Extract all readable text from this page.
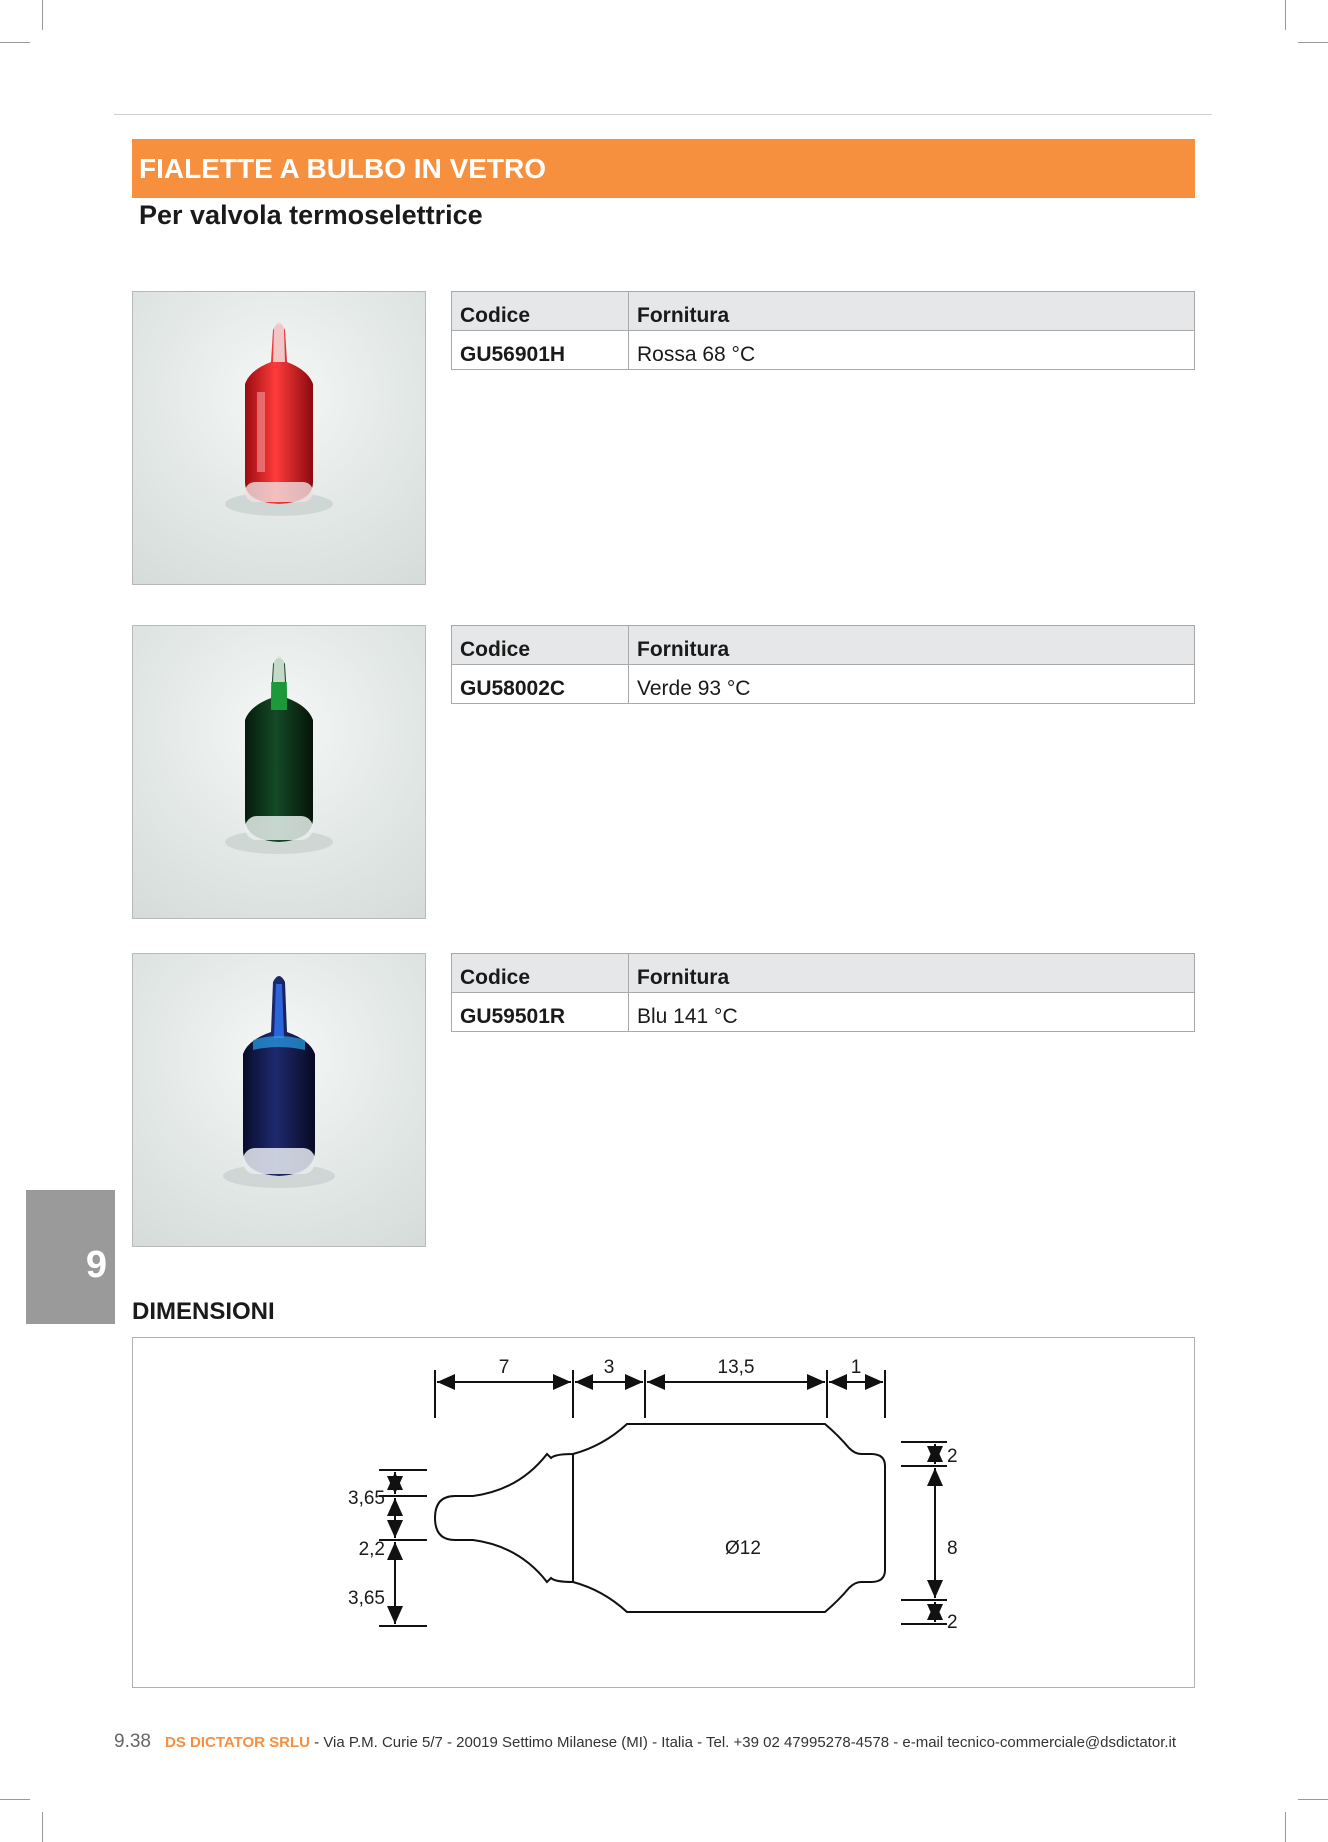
FIALETTE A BULBO IN VETRO
Per valvola termoselettrice
Codice	Fornitura
GU56901H	Rossa 68 °C
Codice	Fornitura
GU58002C	Verde 93 °C
Codice	Fornitura
GU59501R	Blu 141 °C
9
DIMENSIONI
7	3	13,5	1
3,65
2,2
3,65
2
8
2
Ø12
9.38 DS DICTATOR SRLU - Via P.M. Curie 5/7 - 20019 Settimo Milanese (MI) - Italia - Tel. +39 02 47995278-4578 - e-mail tecnico-commerciale@dsdictator.it
